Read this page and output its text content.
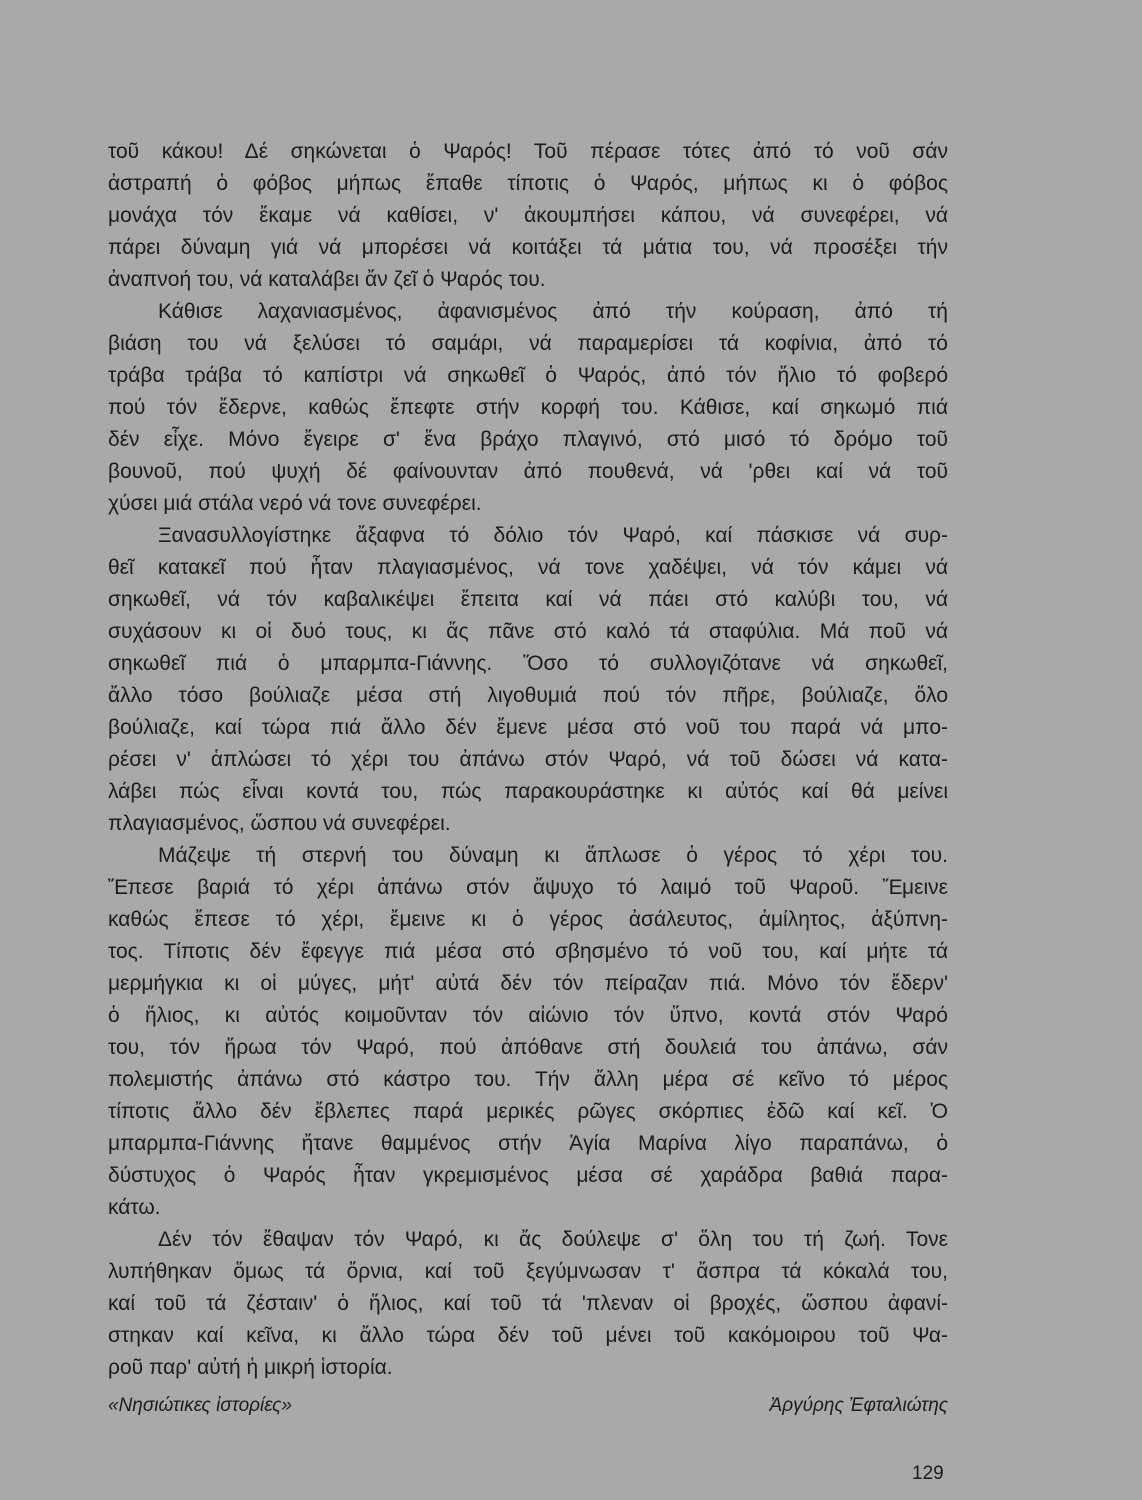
τοῦ κάκου! Δέ σηκώνεται ὁ Ψαρός! Τοῦ πέρασε τότες ἀπό τό νοῦ σάν
ἀστραπή ὁ φόβος μήπως ἔπαθε τίποτις ὁ Ψαρός, μήπως κι ὁ φόβος
μονάχα τόν ἔκαμε νά καθίσει, ν' ἀκουμπήσει κάπου, νά συνεφέρει, νά
πάρει δύναμη γιά νά μπορέσει νά κοιτάξει τά μάτια του, νά προσέξει τήν
ἀναπνοή του, νά καταλάβει ἄν ζεῖ ὁ Ψαρός του.
Κάθισε λαχανιασμένος, ἀφανισμένος ἀπό τήν κούραση, ἀπό τή
βιάση του νά ξελύσει τό σαμάρι, νά παραμερίσει τά κοφίνια, ἀπό τό
τράβα τράβα τό καπίστρι νά σηκωθεῖ ὁ Ψαρός, ἀπό τόν ἥλιο τό φοβερό
πού τόν ἔδερνε, καθώς ἔπεφτε στήν κορφή του. Κάθισε, καί σηκωμό πιά
δέν εἶχε. Μόνο ἔγειρε σ' ἕνα βράχο πλαγινό, στό μισό τό δρόμο τοῦ
βουνοῦ, πού ψυχή δέ φαίνουνταν ἀπό πουθενά, νά 'ρθει καί νά τοῦ
χύσει μιά στάλα νερό νά τονε συνεφέρει.
Ξανασυλλογίστηκε ἄξαφνα τό δόλιο τόν Ψαρό, καί πάσκισε νά συρ-
θεῖ κατακεῖ πού ἦταν πλαγιασμένος, νά τονε χαδέψει, νά τόν κάμει νά
σηκωθεῖ, νά τόν καβαλικέψει ἔπειτα καί νά πάει στό καλύβι του, νά
συχάσουν κι οἱ δυό τους, κι ἄς πᾶνε στό καλό τά σταφύλια. Μά ποῦ νά
σηκωθεῖ πιά ὁ μπαρμπα-Γιάννης. Ὅσο τό συλλογιζότανε νά σηκωθεῖ,
ἄλλο τόσο βούλιαζε μέσα στή λιγοθυμιά πού τόν πῆρε, βούλιαζε, ὅλο
βούλιαζε, καί τώρα πιά ἄλλο δέν ἔμενε μέσα στό νοῦ του παρά νά μπο-
ρέσει ν' ἁπλώσει τό χέρι του ἀπάνω στόν Ψαρό, νά τοῦ δώσει νά κατα-
λάβει πώς εἶναι κοντά του, πώς παρακουράστηκε κι αὐτός καί θά μείνει
πλαγιασμένος, ὥσπου νά συνεφέρει.
Μάζεψε τή στερνή του δύναμη κι ἅπλωσε ὁ γέρος τό χέρι του.
Ἔπεσε βαριά τό χέρι ἀπάνω στόν ἄψυχο τό λαιμό τοῦ Ψαροῦ. Ἔμεινε
καθώς ἔπεσε τό χέρι, ἔμεινε κι ὁ γέρος ἀσάλευτος, ἀμίλητος, ἀξύπνη-
τος. Τίποτις δέν ἔφεγγε πιά μέσα στό σβησμένο τό νοῦ του, καί μήτε τά
μερμήγκια κι οἱ μύγες, μήτ' αὐτά δέν τόν πείραζαν πιά. Μόνο τόν ἔδερν'
ὁ ἥλιος, κι αὐτός κοιμοῦνταν τόν αἰώνιο τόν ὕπνο, κοντά στόν Ψαρό
του, τόν ἥρωα τόν Ψαρό, πού ἀπόθανε στή δουλειά του ἀπάνω, σάν
πολεμιστής ἀπάνω στό κάστρο του. Τήν ἄλλη μέρα σέ κεῖνο τό μέρος
τίποτις ἄλλο δέν ἔβλεπες παρά μερικές ρῶγες σκόρπιες ἐδῶ καί κεῖ. Ὁ
μπαρμπα-Γιάννης ἤτανε θαμμένος στήν Ἁγία Μαρίνα λίγο παραπάνω, ὁ
δύστυχος ὁ Ψαρός ἦταν γκρεμισμένος μέσα σέ χαράδρα βαθιά παρα-
κάτω.
Δέν τόν ἔθαψαν τόν Ψαρό, κι ἄς δούλεψε σ' ὅλη του τή ζωή. Τονε
λυπήθηκαν ὅμως τά ὄρνια, καί τοῦ ξεγύμνωσαν τ' ἄσπρα τά κόκαλά του,
καί τοῦ τά ζέσταιν' ὁ ἥλιος, καί τοῦ τά 'πλεναν οἱ βροχές, ὥσπου ἀφανί-
στηκαν καί κεῖνα, κι ἄλλο τώρα δέν τοῦ μένει τοῦ κακόμοιρου τοῦ Ψα-
ροῦ παρ' αὐτή ἡ μικρή ἱστορία.
«Νησιώτικες ἱστορίες»	Ἀργύρης Ἐφταλιώτης
129
